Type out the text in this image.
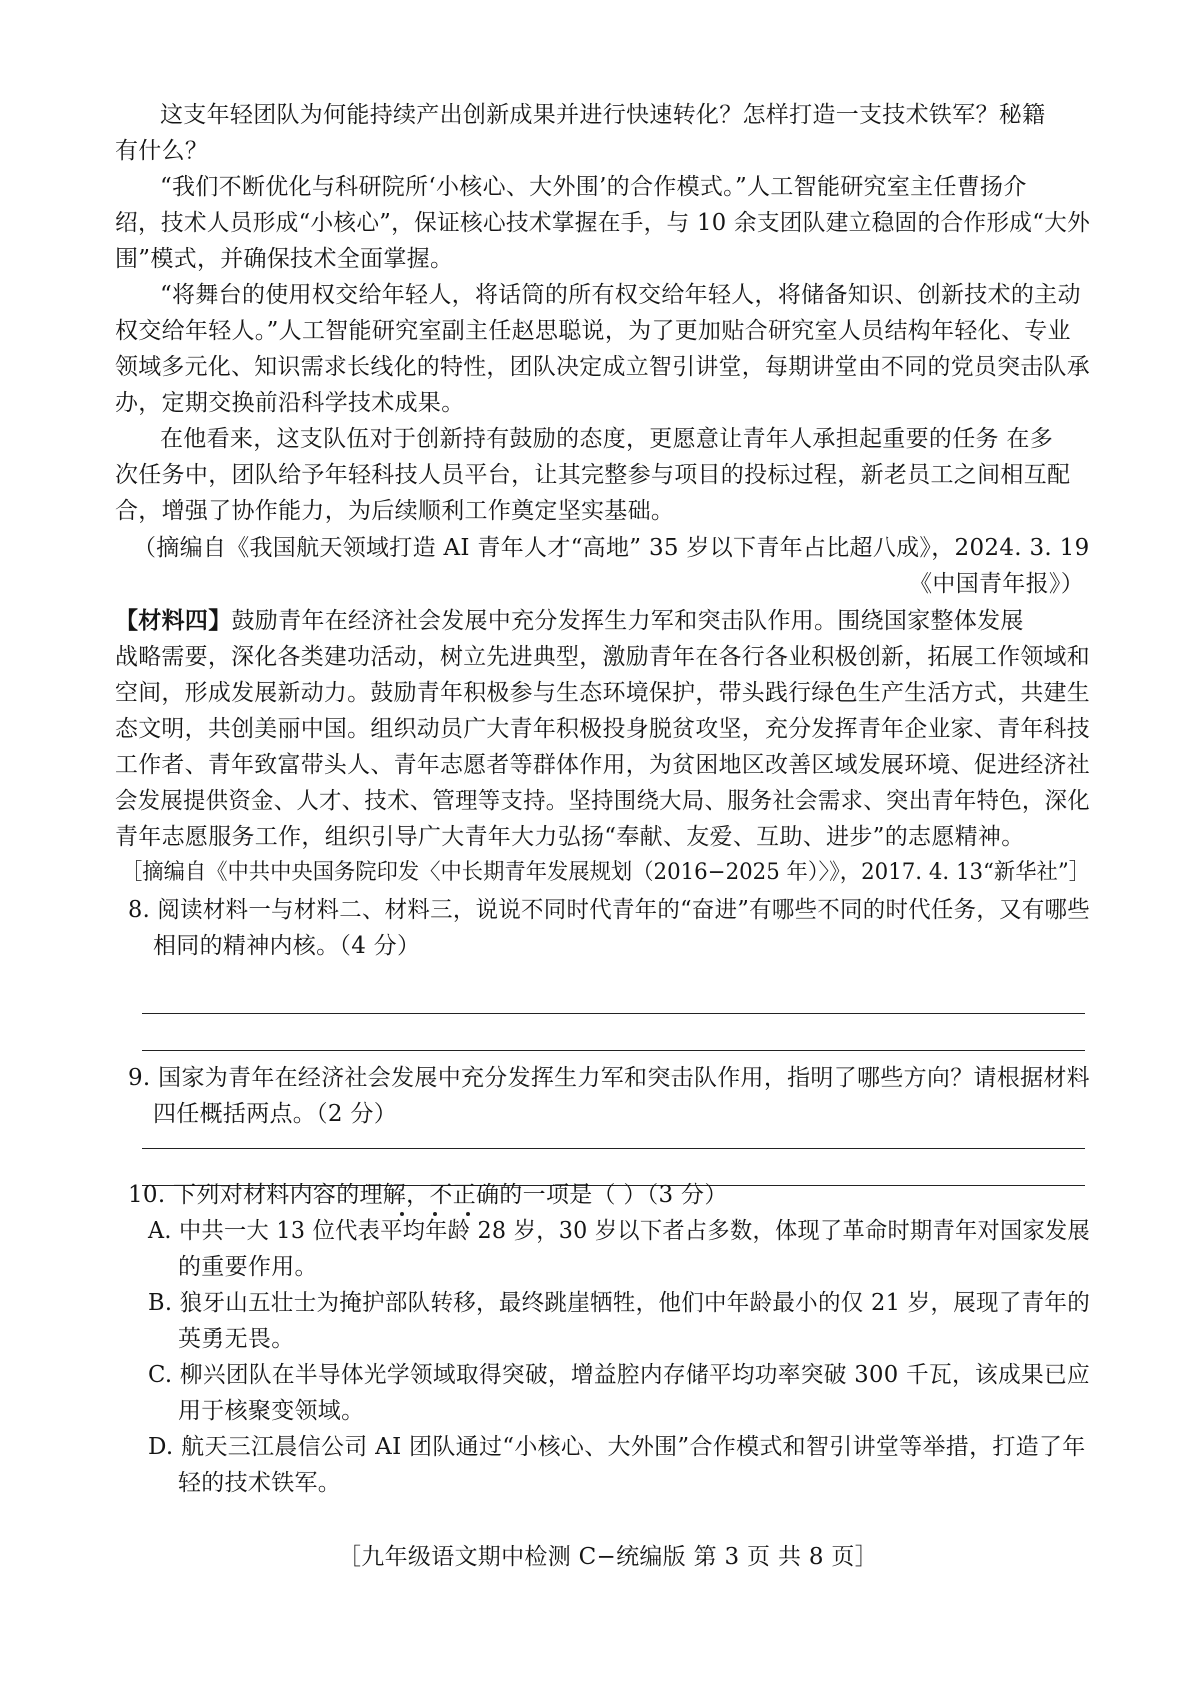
这支年轻团队为何能持续产出创新成果并进行快速转化？怎样打造一支技术铁军？秘籍

有什么？

“我们不断优化与科研院所‘小核心、大外围’的合作模式。”人工智能研究室主任曹扬介

绍，技术人员形成“小核心”，保证核心技术掌握在手，与 10 余支团队建立稳固的合作形成“大外

围”模式，并确保技术全面掌握。

“将舞台的使用权交给年轻人，将话筒的所有权交给年轻人，将储备知识、创新技术的主动

权交给年轻人。”人工智能研究室副主任赵思聪说，为了更加贴合研究室人员结构年轻化、专业

领域多元化、知识需求长线化的特性，团队决定成立智引讲堂，每期讲堂由不同的党员突击队承

办，定期交换前沿科学技术成果。

在他看来，这支队伍对于创新持有鼓励的态度，更愿意让青年人承担起重要的任务 在多

次任务中，团队给予年轻科技人员平台，让其完整参与项目的投标过程，新老员工之间相互配

合，增强了协作能力，为后续顺利工作奠定坚实基础。

（摘编自《我国航天领域打造 AI 青年人才“高地” 35 岁以下青年占比超八成》，2024. 3. 19

《中国青年报》）

【材料四】鼓励青年在经济社会发展中充分发挥生力军和突击队作用。围绕国家整体发展

战略需要，深化各类建功活动，树立先进典型，激励青年在各行各业积极创新，拓展工作领域和

空间，形成发展新动力。鼓励青年积极参与生态环境保护，带头践行绿色生产生活方式，共建生

态文明，共创美丽中国。组织动员广大青年积极投身脱贫攻坚，充分发挥青年企业家、青年科技

工作者、青年致富带头人、青年志愿者等群体作用，为贫困地区改善区域发展环境、促进经济社

会发展提供资金、人才、技术、管理等支持。坚持围绕大局、服务社会需求、突出青年特色，深化

青年志愿服务工作，组织引导广大青年大力弘扬“奉献、友爱、互助、进步”的志愿精神。

［摘编自《中共中央国务院印发〈中长期青年发展规划（2016−2025 年）〉》，2017. 4. 13“新华社”］

8. 阅读材料一与材料二、材料三，说说不同时代青年的“奋进”有哪些不同的时代任务，又有哪些

相同的精神内核。（4 分）

9. 国家为青年在经济社会发展中充分发挥生力军和突击队作用，指明了哪些方向？请根据材料

四任概括两点。（2 分）

10. 下列对材料内容的理解，不正确的一项是（ ）（3 分）

A. 中共一大 13 位代表平均年龄 28 岁，30 岁以下者占多数，体现了革命时期青年对国家发展

的重要作用。

B. 狼牙山五壮士为掩护部队转移，最终跳崖牺牲，他们中年龄最小的仅 21 岁，展现了青年的

英勇无畏。

C. 柳兴团队在半导体光学领域取得突破，增益腔内存储平均功率突破 300 千瓦，该成果已应

用于核聚变领域。

D. 航天三江晨信公司 AI 团队通过“小核心、大外围”合作模式和智引讲堂等举措，打造了年

轻的技术铁军。

［九年级语文期中检测 C−统编版 第 3 页 共 8 页］
